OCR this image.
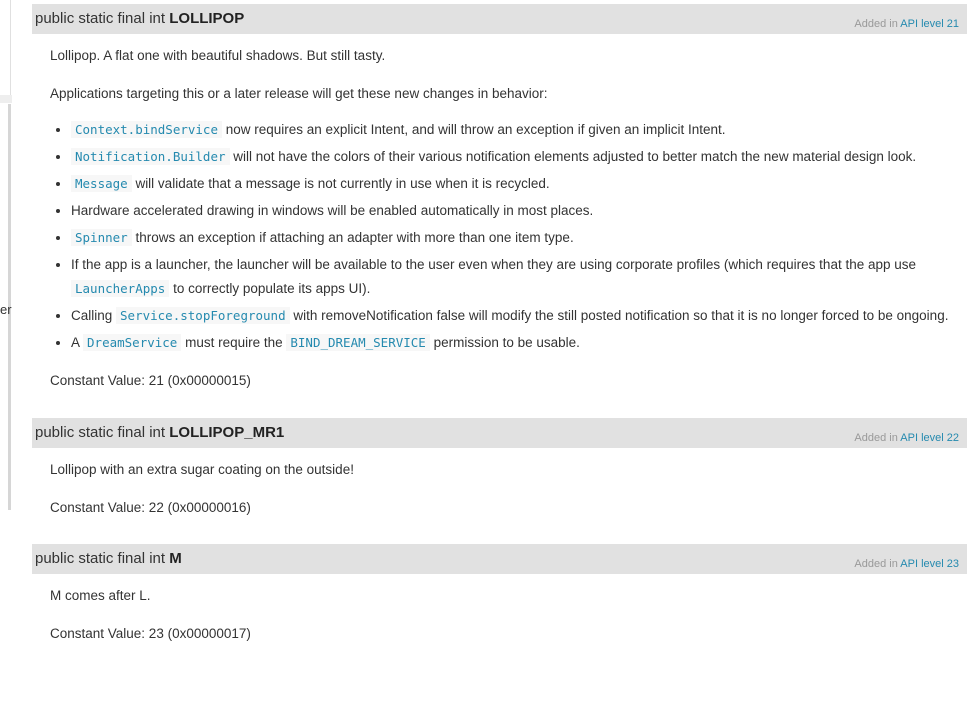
er
public static final int LOLLIPOP	Added in API level 21

Lollipop. A flat one with beautiful shadows. But still tasty.

Applications targeting this or a later release will get these new changes in behavior:

• Context.bindService now requires an explicit Intent, and will throw an exception if given an implicit Intent.
• Notification.Builder will not have the colors of their various notification elements adjusted to better match the new material design look.
• Message will validate that a message is not currently in use when it is recycled.
• Hardware accelerated drawing in windows will be enabled automatically in most places.
• Spinner throws an exception if attaching an adapter with more than one item type.
• If the app is a launcher, the launcher will be available to the user even when they are using corporate profiles (which requires that the app use LauncherApps to correctly populate its apps UI).
• Calling Service.stopForeground with removeNotification false will modify the still posted notification so that it is no longer forced to be ongoing.
• A DreamService must require the BIND_DREAM_SERVICE permission to be usable.

Constant Value: 21 (0x00000015)

public static final int LOLLIPOP_MR1	Added in API level 22

Lollipop with an extra sugar coating on the outside!

Constant Value: 22 (0x00000016)

public static final int M	Added in API level 23

M comes after L.

Constant Value: 23 (0x00000017)
